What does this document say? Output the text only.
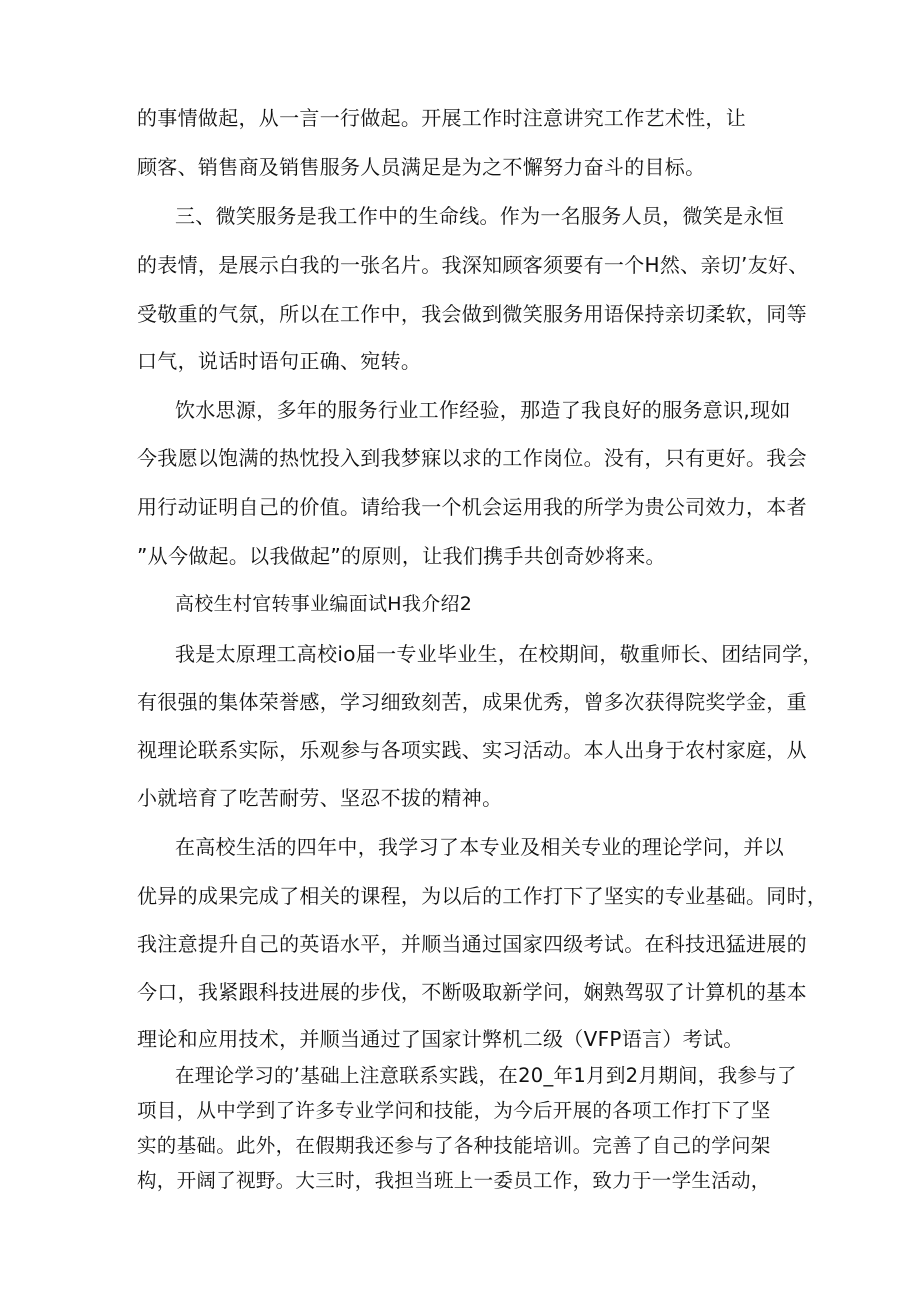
的事情做起，从一言一行做起。开展工作时注意讲究工作艺术性，让
顾客、销售商及销售服务人员满足是为之不懈努力奋斗的目标。
三、微笑服务是我工作中的生命线。作为一名服务人员，微笑是永恒
的表情，是展示白我的一张名片。我深知顾客须要有一个H然、亲切’友好、
受敬重的气氛，所以在工作中，我会做到微笑服务用语保持亲切柔软，同等
口气，说话时语句正确、宛转。
饮水思源，多年的服务行业工作经验，那造了我良好的服务意识,现如
今我愿以饱满的热忱投入到我梦寐以求的工作岗位。没有，只有更好。我会
用行动证明自己的价值。请给我一个机会运用我的所学为贵公司效力，本者
”从今做起。以我做起”的原则，让我们携手共创奇妙将来。
高校生村官转事业编面试H我介绍2
我是太原理工高校io届一专业毕业生，在校期间，敬重师长、团结同学，
有很强的集体荣誉感，学习细致刻苦，成果优秀，曾多次获得院奖学金，重
视理论联系实际，乐观参与各项实践、实习活动。本人出身于农村家庭，从
小就培育了吃苦耐劳、坚忍不拔的精神。
在高校生活的四年中，我学习了本专业及相关专业的理论学问，并以
优异的成果完成了相关的课程，为以后的工作打下了坚实的专业基础。同时，
我注意提升自己的英语水平，并顺当通过国家四级考试。在科技迅猛进展的
今口，我紧跟科技进展的步伐，不断吸取新学问，娴熟驾驭了计算机的基本
理论和应用技术，并顺当通过了国家计弊机二级（VFP语言）考试。
在理论学习的’基础上注意联系实践，在20_年1月到2月期间，我参与了
项目，从中学到了许多专业学问和技能，为今后开展的各项工作打下了坚
实的基础。此外，在假期我还参与了各种技能培训。完善了自己的学问架
构，开阔了视野。大三时，我担当班上一委员工作，致力于一学生活动，
